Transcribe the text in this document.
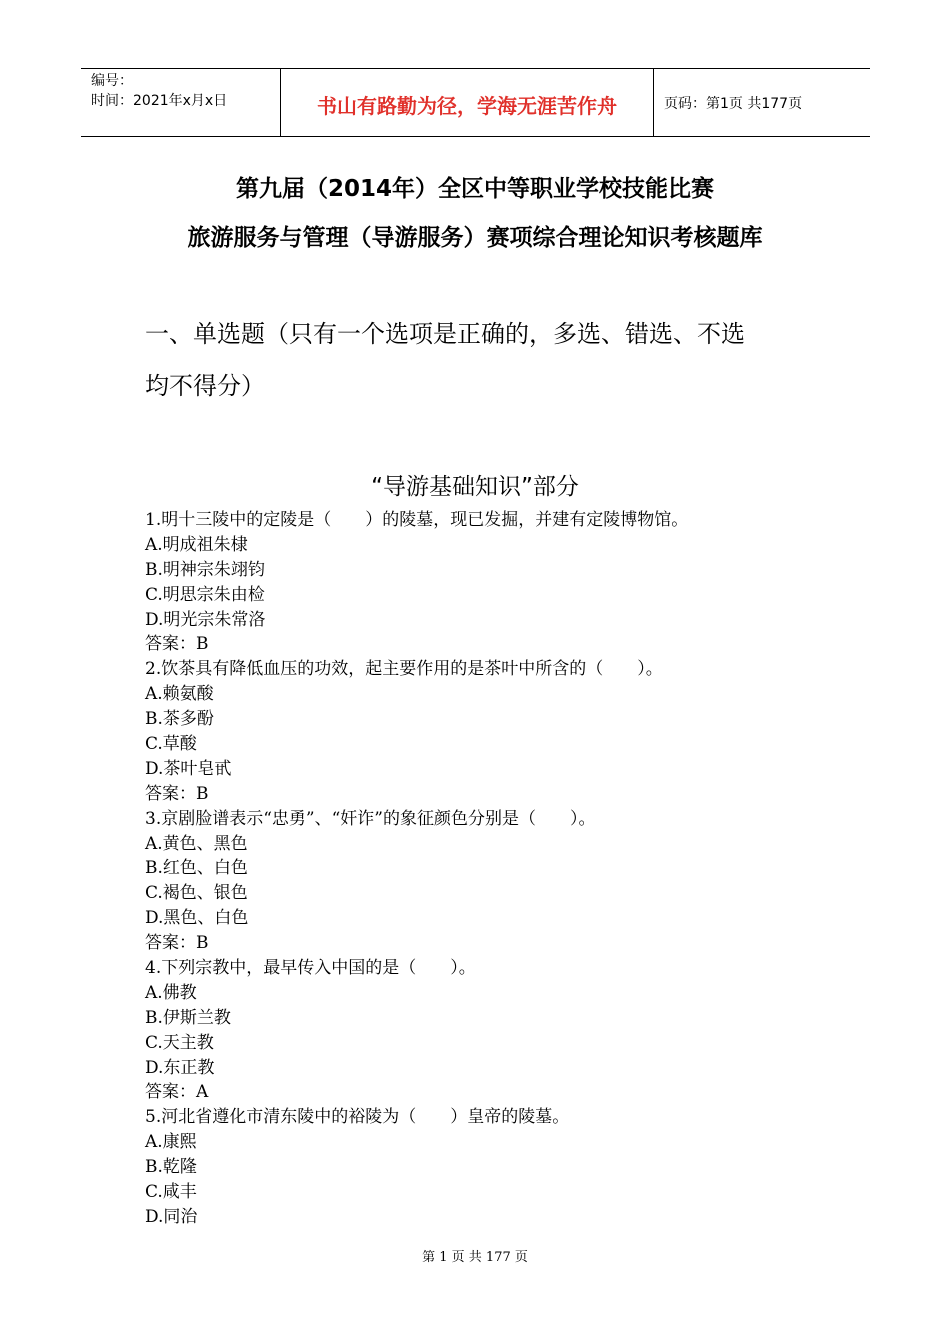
编号：
时间：2021年x月x日	书山有路勤为径，学海无涯苦作舟	页码：第1页 共177页
第九届（2014年）全区中等职业学校技能比赛
旅游服务与管理（导游服务）赛项综合理论知识考核题库
一、单选题（只有一个选项是正确的，多选、错选、不选
均不得分）
“导游基础知识”部分
1.明十三陵中的定陵是（　　）的陵墓，现已发掘，并建有定陵博物馆。
A.明成祖朱棣
B.明神宗朱翊钧
C.明思宗朱由检
D.明光宗朱常洛
答案：B
2.饮茶具有降低血压的功效，起主要作用的是茶叶中所含的（　　）。
A.赖氨酸
B.茶多酚
C.草酸
D.茶叶皂甙
答案：B
3.京剧脸谱表示“忠勇”、“奸诈”的象征颜色分别是（　　）。
A.黄色、黑色
B.红色、白色
C.褐色、银色
D.黑色、白色
答案：B
4.下列宗教中，最早传入中国的是（　　）。
A.佛教
B.伊斯兰教
C.天主教
D.东正教
答案：A
5.河北省遵化市清东陵中的裕陵为（　　）皇帝的陵墓。
A.康熙
B.乾隆
C.咸丰
D.同治
第 1 页 共 177 页
